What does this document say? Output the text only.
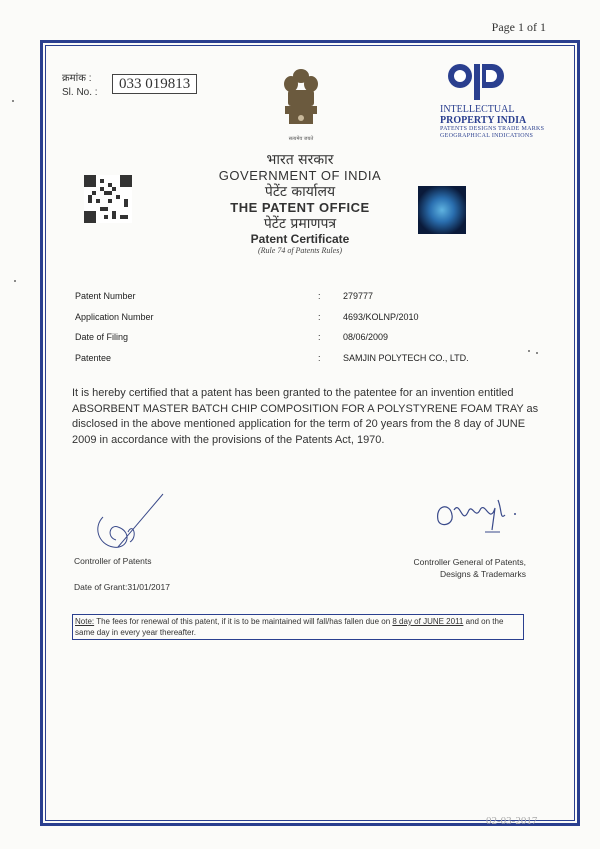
Page 1 of 1
क्रमांक :
Sl. No. :
033 019813
सत्यमेव जयते
INTELLECTUAL
PROPERTY INDIA
PATENTS DESIGNS TRADE MARKS
GEOGRAPHICAL INDICATIONS
भारत सरकार
GOVERNMENT OF INDIA
पेटेंट कार्यालय
THE PATENT OFFICE
पेटेंट प्रमाणपत्र
Patent Certificate
(Rule 74 of Patents Rules)
Patent Number	: 279777
Application Number	: 4693/KOLNP/2010
Date of Filing	: 08/06/2009
Patentee	: SAMJIN POLYTECH CO., LTD.
It is hereby certified that a patent has been granted to the patentee for an invention entitled ABSORBENT MASTER BATCH CHIP COMPOSITION FOR A POLYSTYRENE FOAM TRAY as disclosed in the above mentioned application for the term of 20 years from the 8 day of JUNE 2009 in accordance with the provisions of the Patents Act, 1970.
Controller of Patents	Controller General of Patents,
Designs & Trademarks
Date of Grant:31/01/2017
Note: The fees for renewal of this patent, if it is to be maintained will fall/has fallen due on 8 day of JUNE 2011 and on the same day in every year thereafter.
02-03-2017
